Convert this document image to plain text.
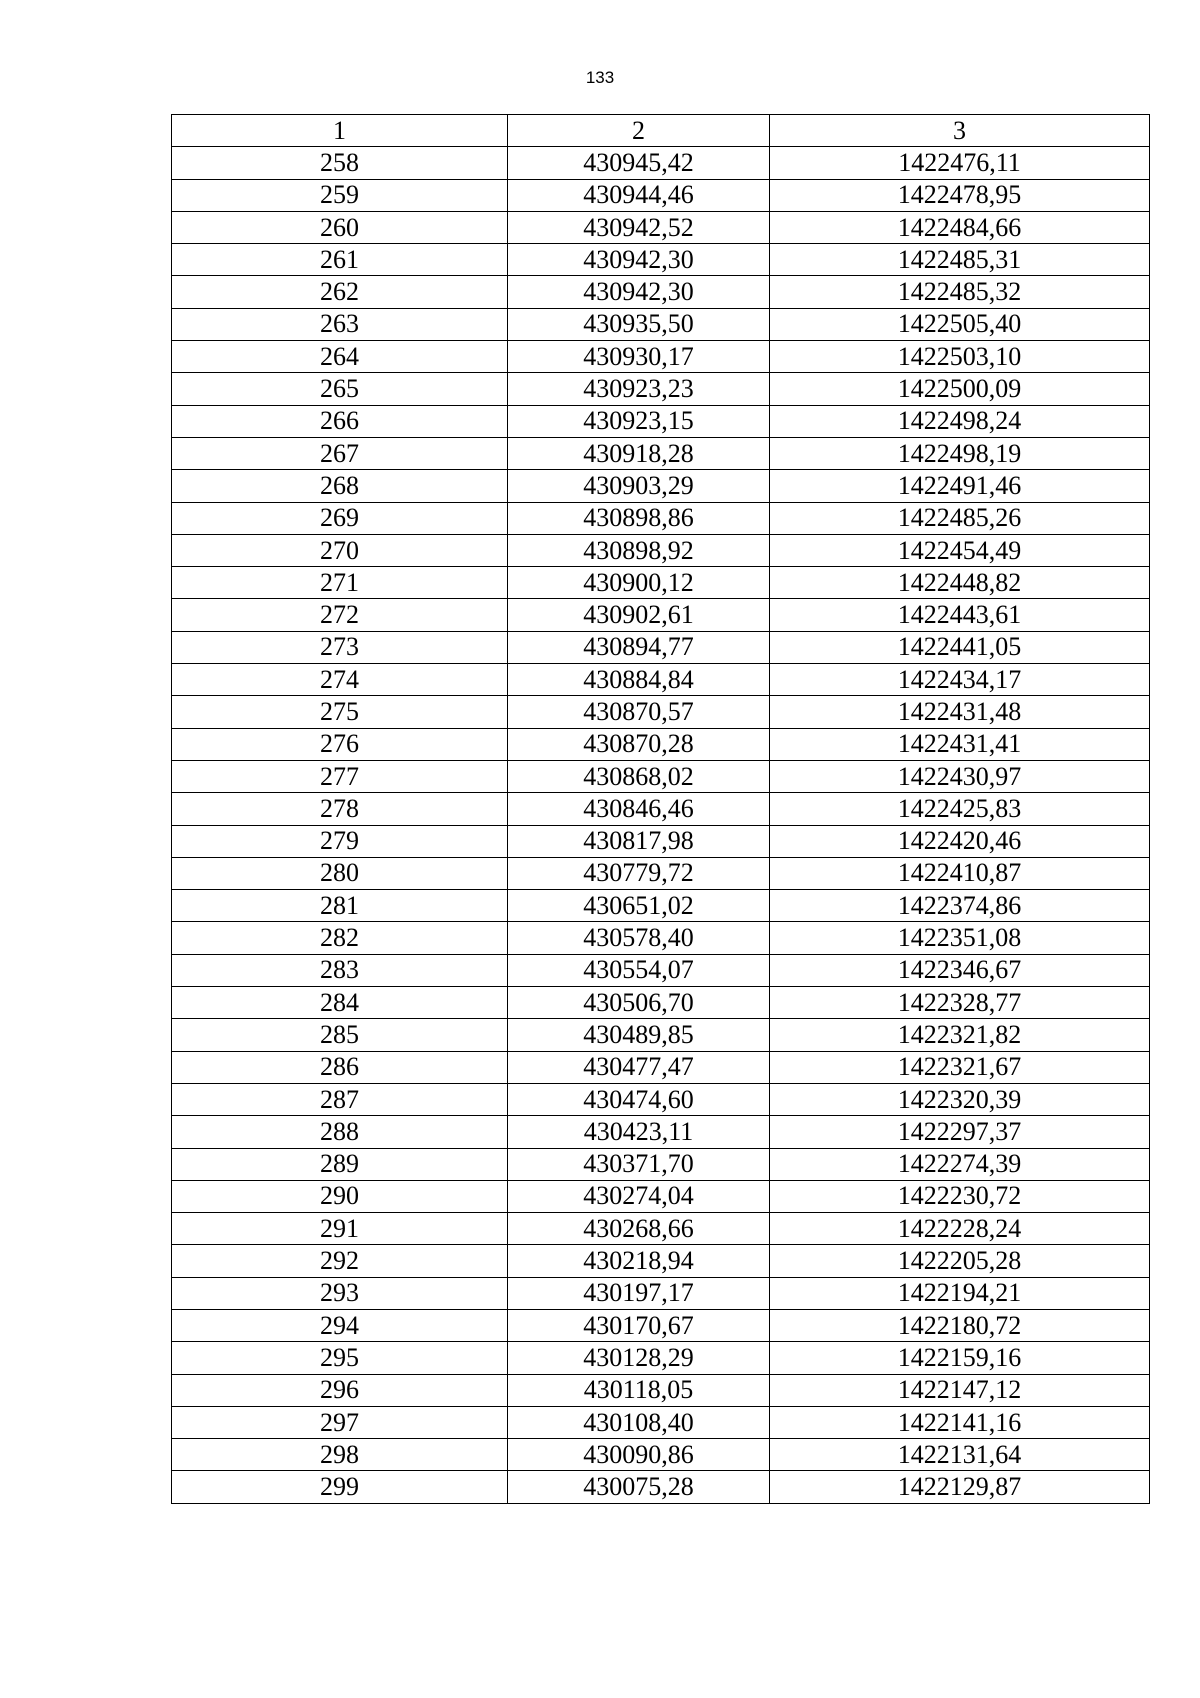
133
1	2	3
258	430945,42	1422476,11
259	430944,46	1422478,95
260	430942,52	1422484,66
261	430942,30	1422485,31
262	430942,30	1422485,32
263	430935,50	1422505,40
264	430930,17	1422503,10
265	430923,23	1422500,09
266	430923,15	1422498,24
267	430918,28	1422498,19
268	430903,29	1422491,46
269	430898,86	1422485,26
270	430898,92	1422454,49
271	430900,12	1422448,82
272	430902,61	1422443,61
273	430894,77	1422441,05
274	430884,84	1422434,17
275	430870,57	1422431,48
276	430870,28	1422431,41
277	430868,02	1422430,97
278	430846,46	1422425,83
279	430817,98	1422420,46
280	430779,72	1422410,87
281	430651,02	1422374,86
282	430578,40	1422351,08
283	430554,07	1422346,67
284	430506,70	1422328,77
285	430489,85	1422321,82
286	430477,47	1422321,67
287	430474,60	1422320,39
288	430423,11	1422297,37
289	430371,70	1422274,39
290	430274,04	1422230,72
291	430268,66	1422228,24
292	430218,94	1422205,28
293	430197,17	1422194,21
294	430170,67	1422180,72
295	430128,29	1422159,16
296	430118,05	1422147,12
297	430108,40	1422141,16
298	430090,86	1422131,64
299	430075,28	1422129,87
